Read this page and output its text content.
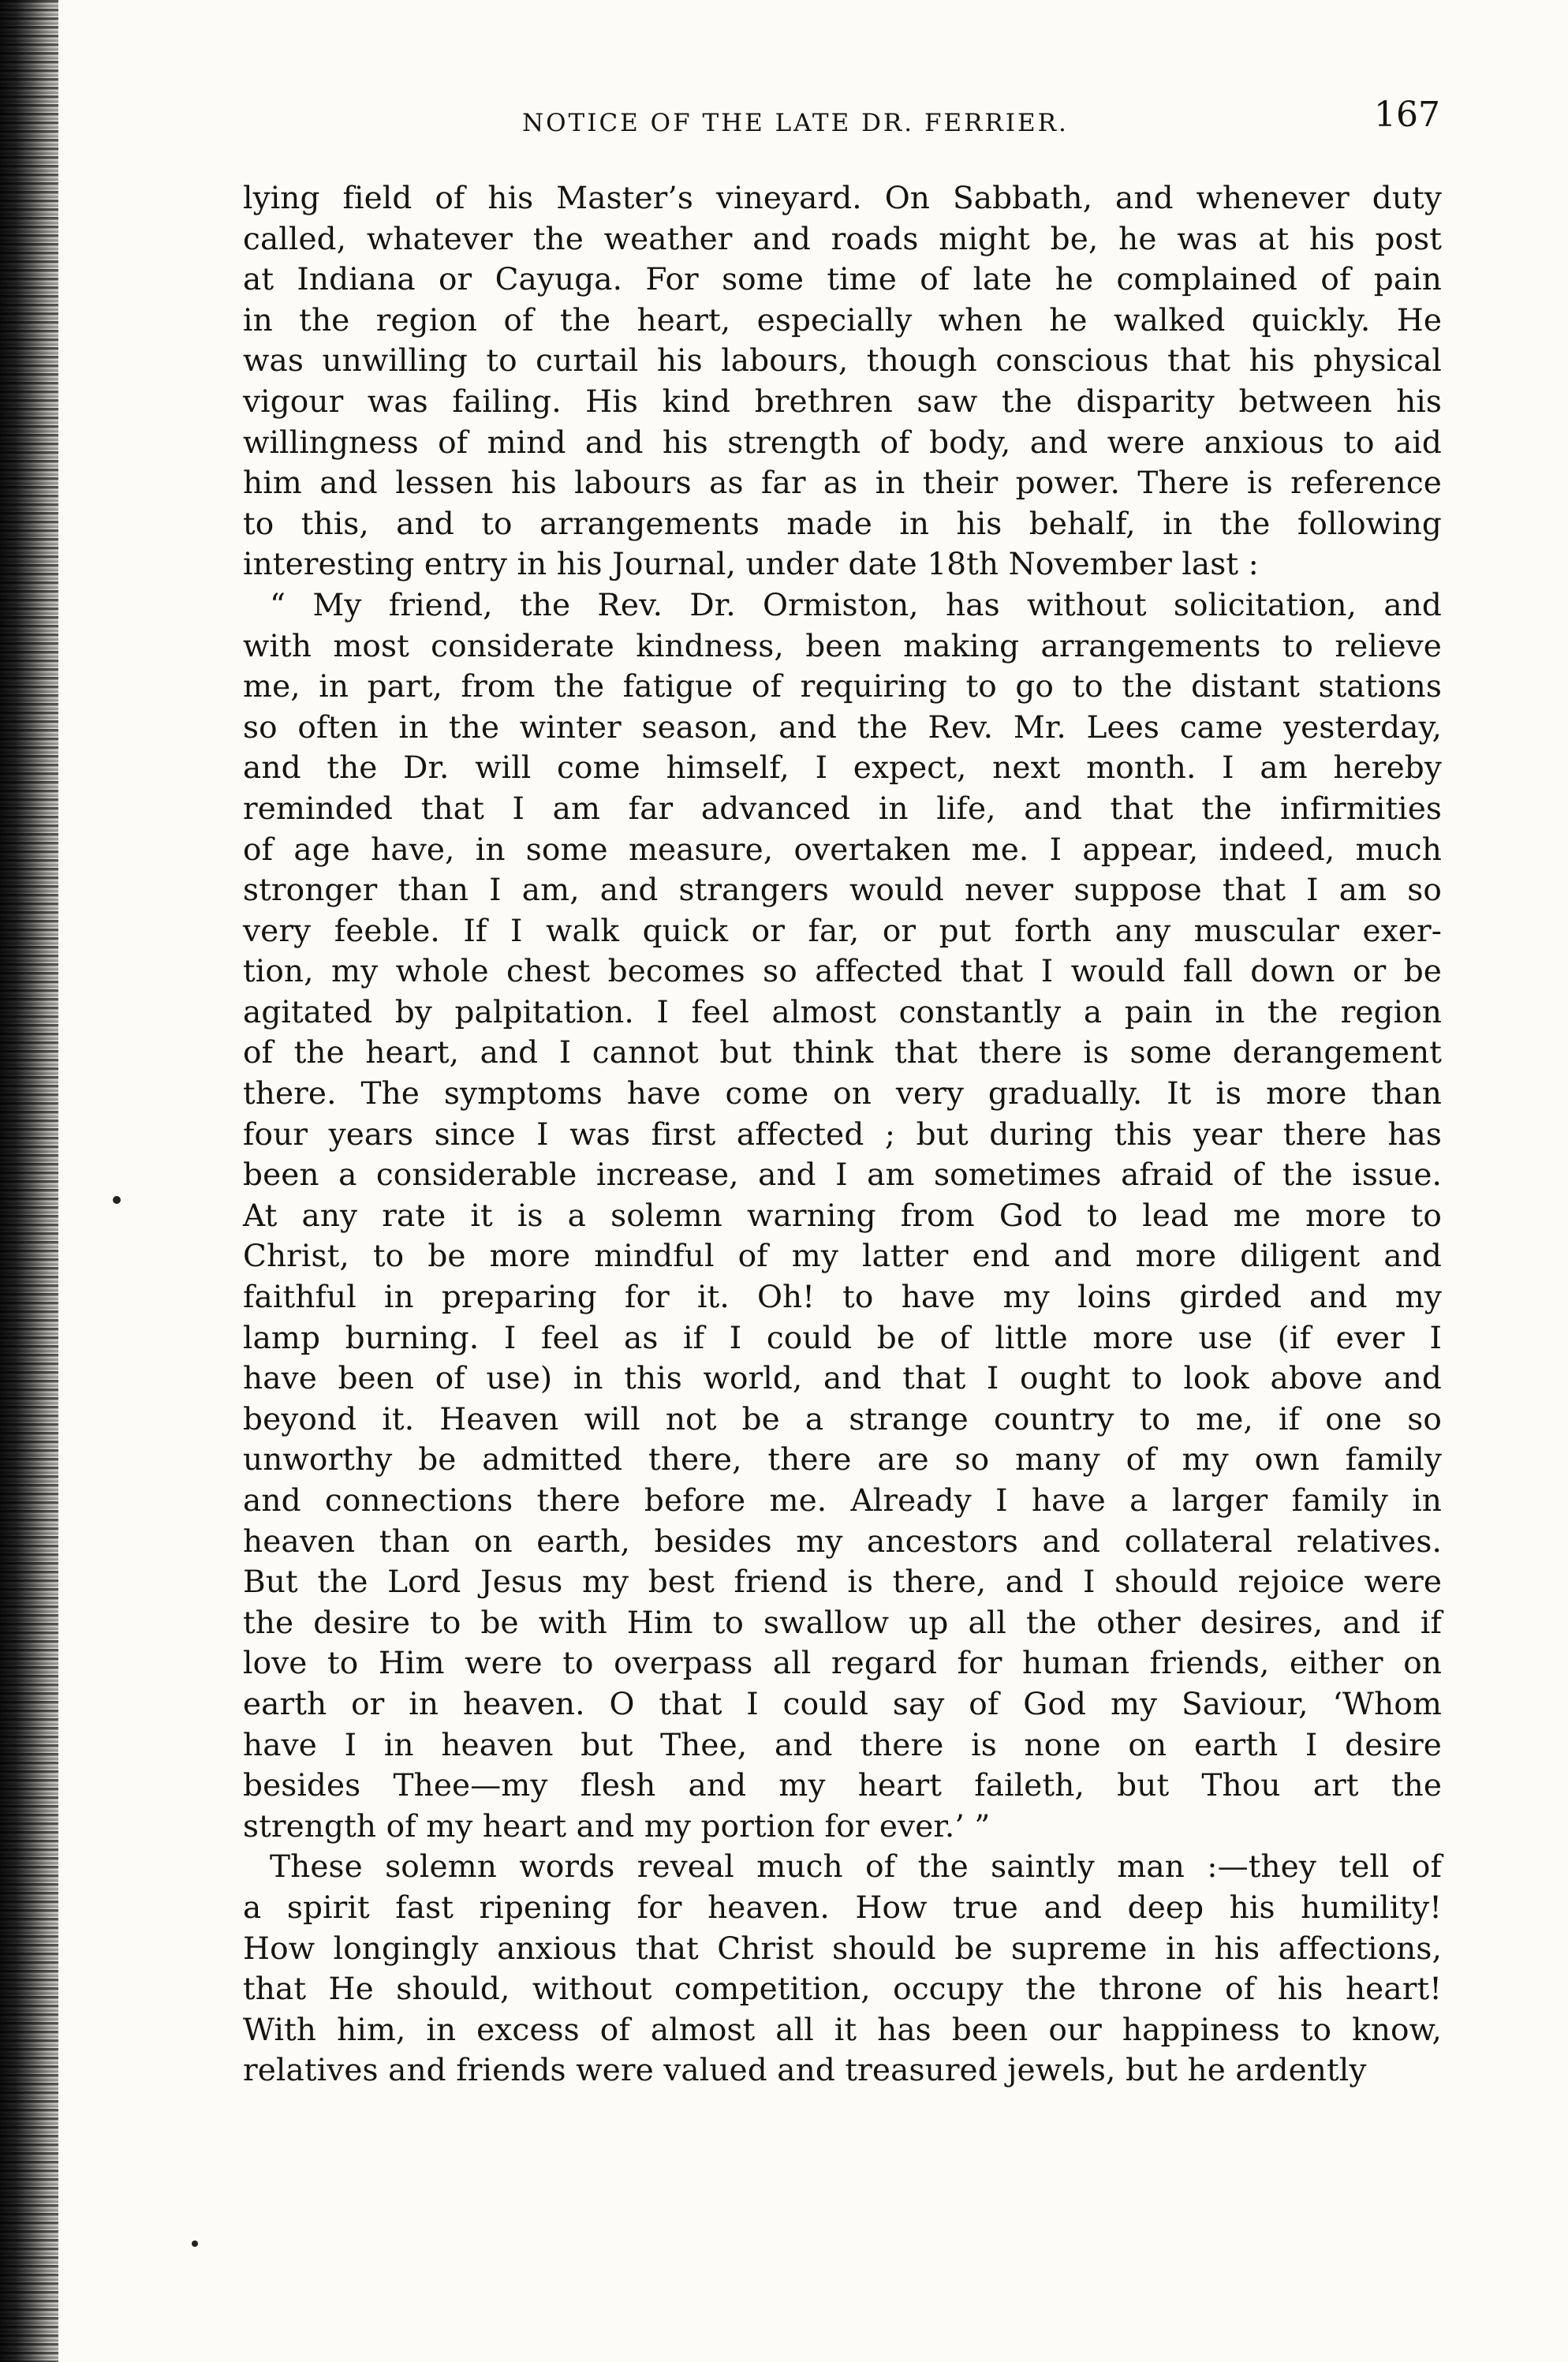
NOTICE OF THE LATE DR. FERRIER.	167
lying field of his Master’s vineyard. On Sabbath, and whenever duty
called, whatever the weather and roads might be, he was at his post
at Indiana or Cayuga. For some time of late he complained of pain
in the region of the heart, especially when he walked quickly. He
was unwilling to curtail his labours, though conscious that his physical
vigour was failing. His kind brethren saw the disparity between his
willingness of mind and his strength of body, and were anxious to aid
him and lessen his labours as far as in their power. There is reference
to this, and to arrangements made in his behalf, in the following
interesting entry in his Journal, under date 18th November last :
“ My friend, the Rev. Dr. Ormiston, has without solicitation, and
with most considerate kindness, been making arrangements to relieve
me, in part, from the fatigue of requiring to go to the distant stations
so often in the winter season, and the Rev. Mr. Lees came yesterday,
and the Dr. will come himself, I expect, next month. I am hereby
reminded that I am far advanced in life, and that the infirmities
of age have, in some measure, overtaken me. I appear, indeed, much
stronger than I am, and strangers would never suppose that I am so
very feeble. If I walk quick or far, or put forth any muscular exer-
tion, my whole chest becomes so affected that I would fall down or be
agitated by palpitation. I feel almost constantly a pain in the region
of the heart, and I cannot but think that there is some derangement
there. The symptoms have come on very gradually. It is more than
four years since I was first affected ; but during this year there has
been a considerable increase, and I am sometimes afraid of the issue.
At any rate it is a solemn warning from God to lead me more to
Christ, to be more mindful of my latter end and more diligent and
faithful in preparing for it. Oh! to have my loins girded and my
lamp burning. I feel as if I could be of little more use (if ever I
have been of use) in this world, and that I ought to look above and
beyond it. Heaven will not be a strange country to me, if one so
unworthy be admitted there, there are so many of my own family
and connections there before me. Already I have a larger family in
heaven than on earth, besides my ancestors and collateral relatives.
But the Lord Jesus my best friend is there, and I should rejoice were
the desire to be with Him to swallow up all the other desires, and if
love to Him were to overpass all regard for human friends, either on
earth or in heaven. O that I could say of God my Saviour, ‘Whom
have I in heaven but Thee, and there is none on earth I desire
besides Thee—my flesh and my heart faileth, but Thou art the
strength of my heart and my portion for ever.’ ”
These solemn words reveal much of the saintly man :—they tell of
a spirit fast ripening for heaven. How true and deep his humility!
How longingly anxious that Christ should be supreme in his affections,
that He should, without competition, occupy the throne of his heart!
With him, in excess of almost all it has been our happiness to know,
relatives and friends were valued and treasured jewels, but he ardently
